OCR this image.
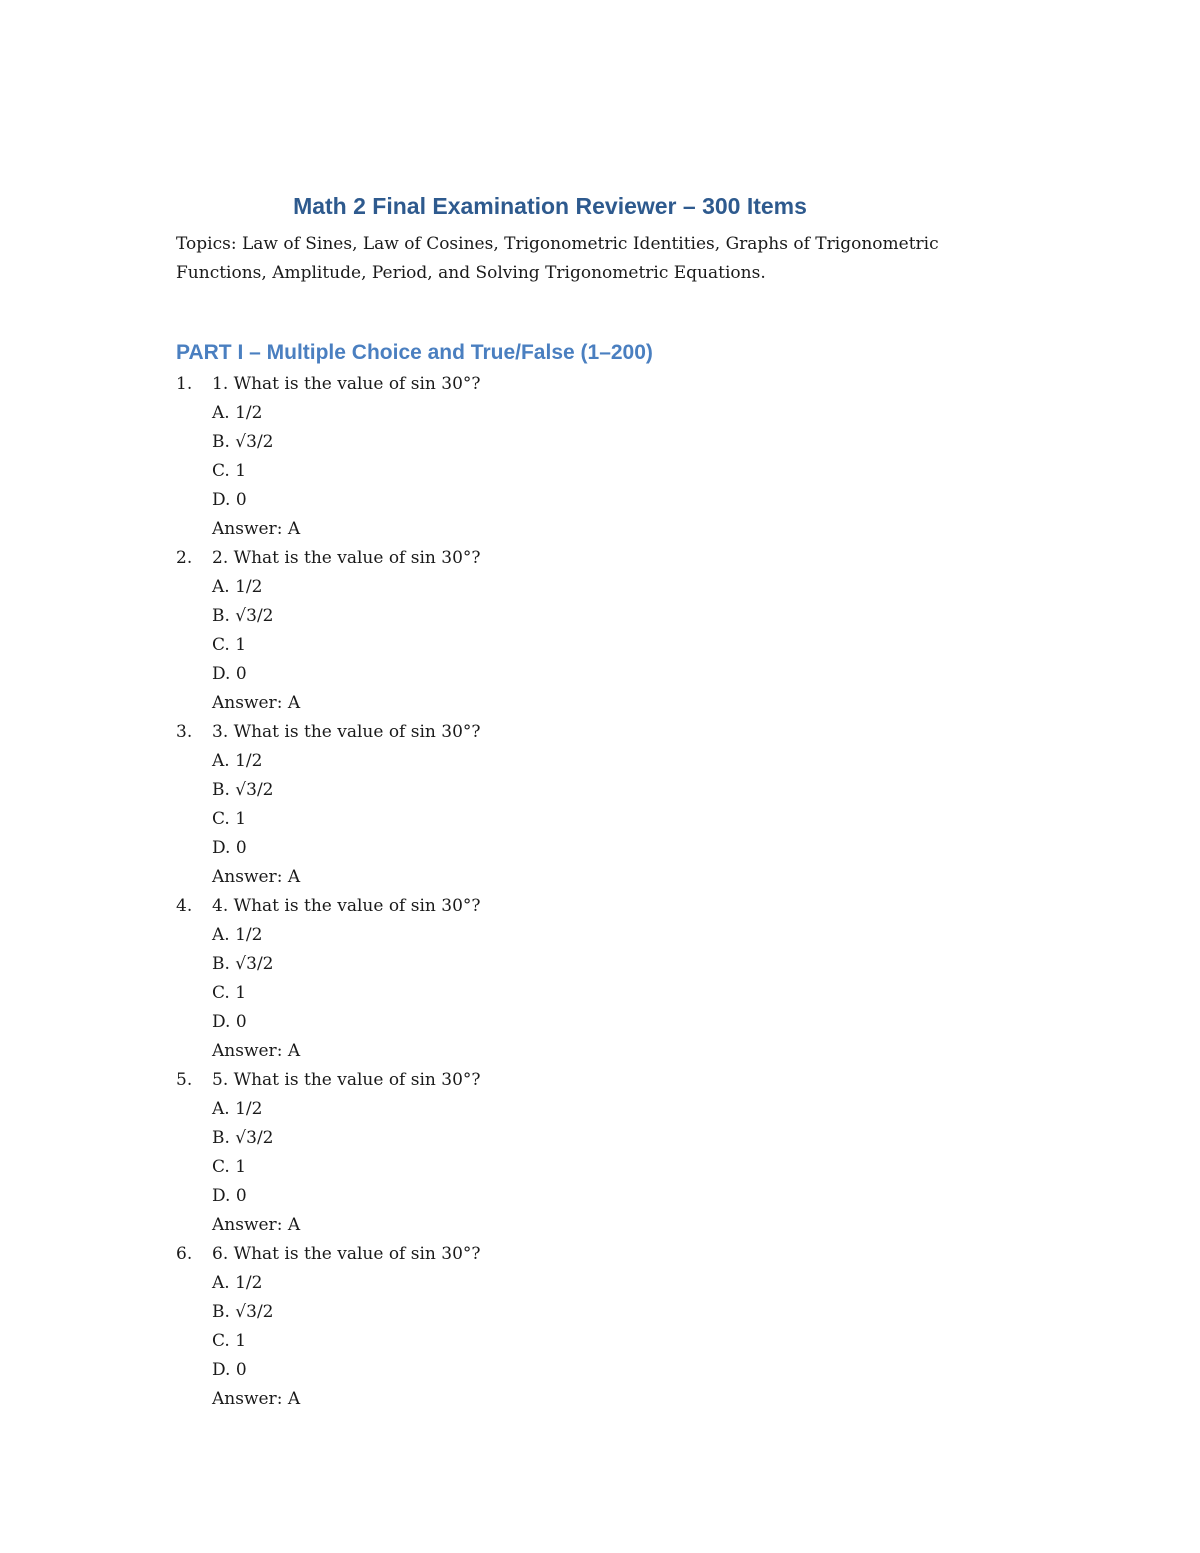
Math 2 Final Examination Reviewer – 300 Items

Topics: Law of Sines, Law of Cosines, Trigonometric Identities, Graphs of Trigonometric Functions, Amplitude, Period, and Solving Trigonometric Equations.

PART I – Multiple Choice and True/False (1–200)
1. 1. What is the value of sin 30°?

A. 1/2

B. √3/2

C. 1

D. 0

Answer: A

2. 2. What is the value of sin 30°?

A. 1/2

B. √3/2

C. 1

D. 0

Answer: A

3. 3. What is the value of sin 30°?

A. 1/2

B. √3/2

C. 1

D. 0

Answer: A

4. 4. What is the value of sin 30°?

A. 1/2

B. √3/2

C. 1

D. 0

Answer: A

5. 5. What is the value of sin 30°?

A. 1/2

B. √3/2

C. 1

D. 0

Answer: A

6. 6. What is the value of sin 30°?

A. 1/2

B. √3/2

C. 1

D. 0

Answer: A
